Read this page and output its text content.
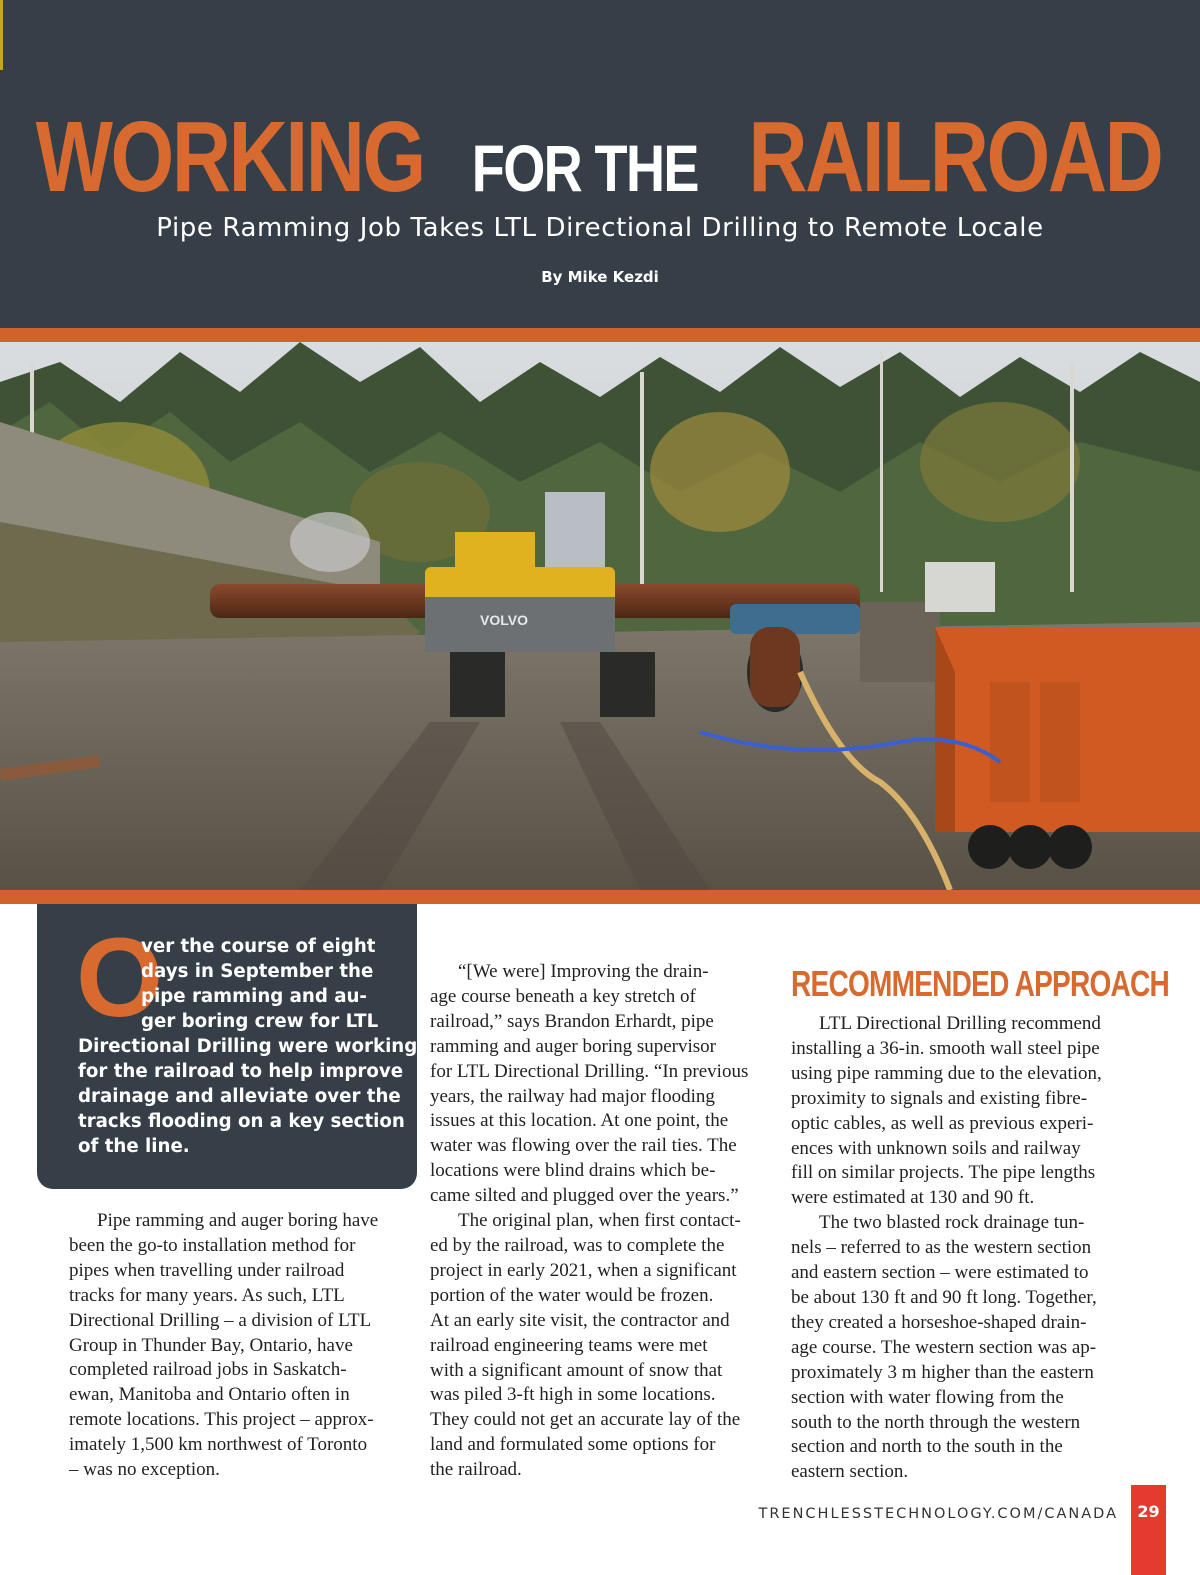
WORKING FOR THE RAILROAD
Pipe Ramming Job Takes LTL Directional Drilling to Remote Locale
By Mike Kezdi
VOLVO
O
ver the course of eight
days in September the
pipe ramming and au-
ger boring crew for LTL
Directional Drilling were working
for the railroad to help improve
drainage and alleviate over the
tracks flooding on a key section
of the line.
Pipe ramming and auger boring have
been the go-to installation method for
pipes when travelling under railroad
tracks for many years. As such, LTL
Directional Drilling – a division of LTL
Group in Thunder Bay, Ontario, have
completed railroad jobs in Saskatch-
ewan, Manitoba and Ontario often in
remote locations. This project – approx-
imately 1,500 km northwest of Toronto
– was no exception.
“[We were] Improving the drain-
age course beneath a key stretch of
railroad,” says Brandon Erhardt, pipe
ramming and auger boring supervisor
for LTL Directional Drilling. “In previous
years, the railway had major flooding
issues at this location. At one point, the
water was flowing over the rail ties. The
locations were blind drains which be-
came silted and plugged over the years.”
The original plan, when first contact-
ed by the railroad, was to complete the
project in early 2021, when a significant
portion of the water would be frozen.
At an early site visit, the contractor and
railroad engineering teams were met
with a significant amount of snow that
was piled 3-ft high in some locations.
They could not get an accurate lay of the
land and formulated some options for
the railroad.
RECOMMENDED APPROACH
LTL Directional Drilling recommend
installing a 36-in. smooth wall steel pipe
using pipe ramming due to the elevation,
proximity to signals and existing fibre-
optic cables, as well as previous experi-
ences with unknown soils and railway
fill on similar projects. The pipe lengths
were estimated at 130 and 90 ft.
The two blasted rock drainage tun-
nels – referred to as the western section
and eastern section – were estimated to
be about 130 ft and 90 ft long. Together,
they created a horseshoe-shaped drain-
age course. The western section was ap-
proximately 3 m higher than the eastern
section with water flowing from the
south to the north through the western
section and north to the south in the
eastern section.
TRENCHLESSTECHNOLOGY.COM/CANADA	29
